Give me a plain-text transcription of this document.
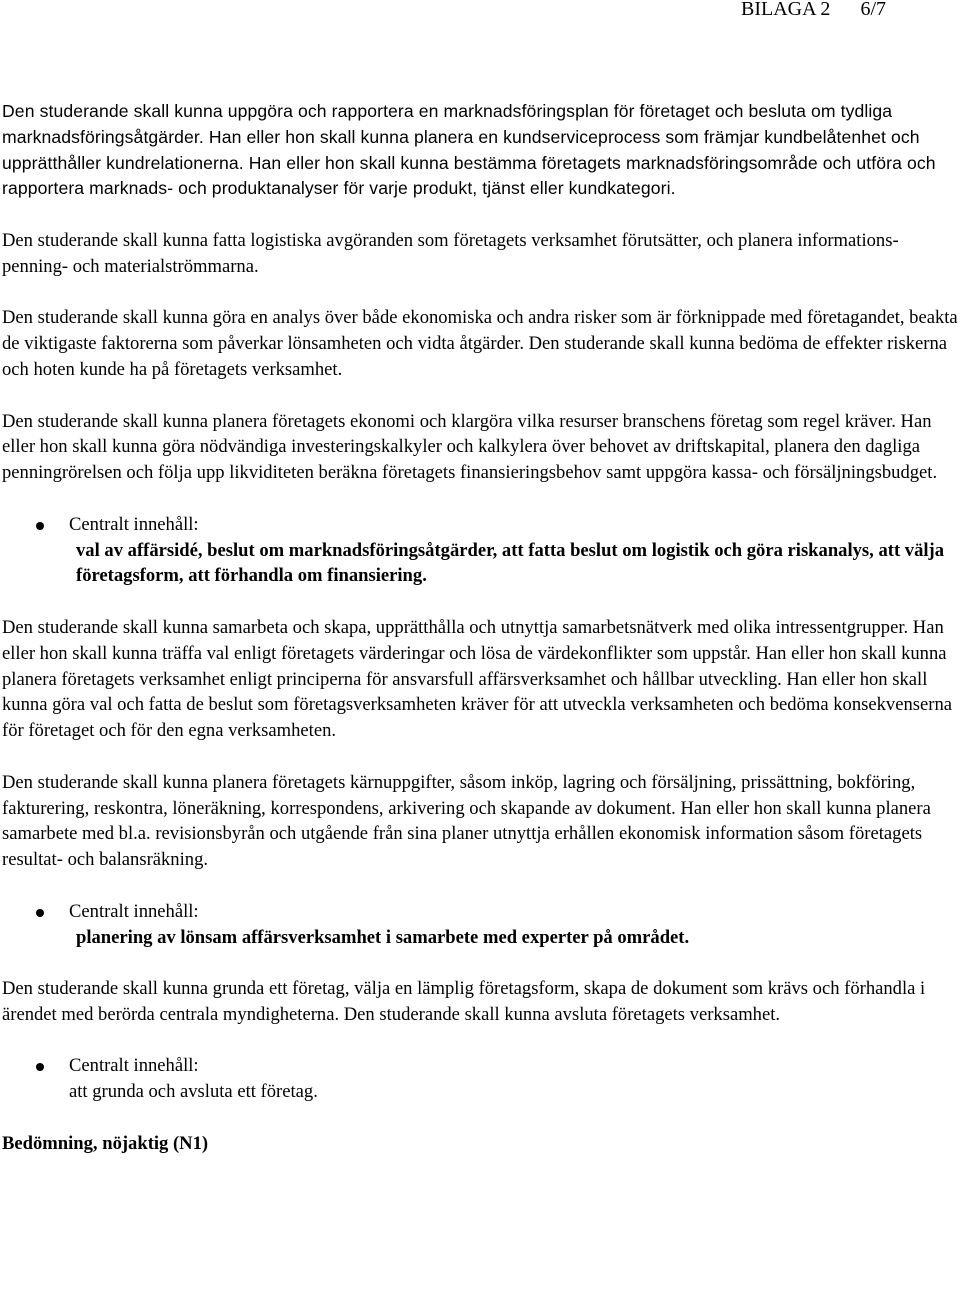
BILAGA 2 6/7

Den studerande skall kunna uppgöra och rapportera en marknadsföringsplan för företaget och besluta om tydliga marknadsföringsåtgärder. Han eller hon skall kunna planera en kundserviceprocess som främjar kundbelåtenhet och upprätthåller kundrelationerna. Han eller hon skall kunna bestämma företagets marknadsföringsområde och utföra och rapportera marknads- och produktanalyser för varje produkt, tjänst eller kundkategori.

Den studerande skall kunna fatta logistiska avgöranden som företagets verksamhet förutsätter, och planera informations- penning- och materialströmmarna.

Den studerande skall kunna göra en analys över både ekonomiska och andra risker som är förknippade med företagandet, beakta de viktigaste faktorerna som påverkar lönsamheten och vidta åtgärder. Den studerande skall kunna bedöma de effekter riskerna och hoten kunde ha på företagets verksamhet.

Den studerande skall kunna planera företagets ekonomi och klargöra vilka resurser branschens företag som regel kräver. Han eller hon skall kunna göra nödvändiga investeringskalkyler och kalkylera över behovet av driftskapital, planera den dagliga penningrörelsen och följa upp likviditeten beräkna företagets finansieringsbehov samt uppgöra kassa- och försäljningsbudget.

Centralt innehåll:
val av affärsidé, beslut om marknadsföringsåtgärder, att fatta beslut om logistik och göra riskanalys, att välja företagsform, att förhandla om finansiering.

Den studerande skall kunna samarbeta och skapa, upprätthålla och utnyttja samarbetsnätverk med olika intressentgrupper. Han eller hon skall kunna träffa val enligt företagets värderingar och lösa de värdekonflikter som uppstår. Han eller hon skall kunna planera företagets verksamhet enligt principerna för ansvarsfull affärsverksamhet och hållbar utveckling. Han eller hon skall kunna göra val och fatta de beslut som företagsverksamheten kräver för att utveckla verksamheten och bedöma konsekvenserna för företaget och för den egna verksamheten.

Den studerande skall kunna planera företagets kärnuppgifter, såsom inköp, lagring och försäljning, prissättning, bokföring, fakturering, reskontra, löneräkning, korrespondens, arkivering och skapande av dokument. Han eller hon skall kunna planera samarbete med bl.a. revisionsbyrån och utgående från sina planer utnyttja erhållen ekonomisk information såsom företagets resultat- och balansräkning.

Centralt innehåll:
planering av lönsam affärsverksamhet i samarbete med experter på området.

Den studerande skall kunna grunda ett företag, välja en lämplig företagsform, skapa de dokument som krävs och förhandla i ärendet med berörda centrala myndigheterna. Den studerande skall kunna avsluta företagets verksamhet.

Centralt innehåll:
att grunda och avsluta ett företag.

Bedömning, nöjaktig (N1)
